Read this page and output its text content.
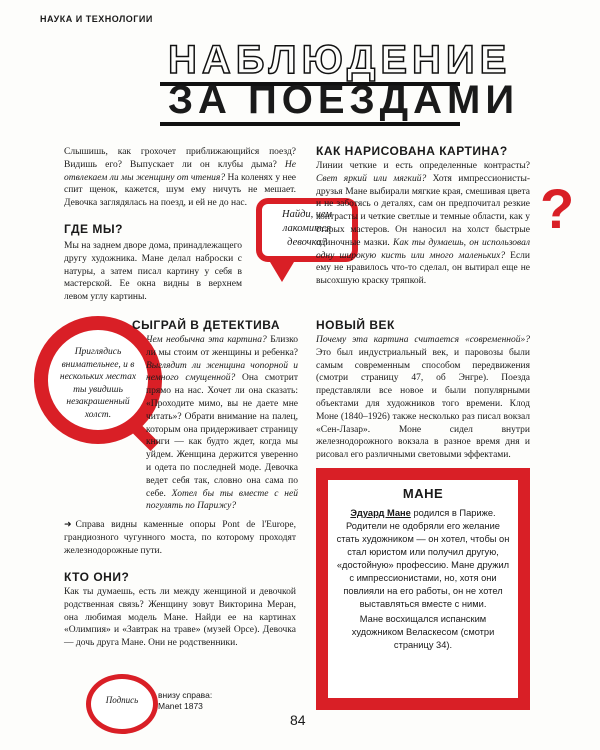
НАУКА И ТЕХНОЛОГИИ
НАБЛЮДЕНИЕ
ЗА ПОЕЗДАМИ
Слышишь, как грохочет приближающийся поезд? Видишь его? Выпускает ли он клубы дыма? Не отвлекаем ли мы женщину от чтения? На коленях у нее спит щенок, кажется, шум ему ничуть не мешает. Девочка заглядялась на поезд, и ей не до нас.
ГДЕ МЫ?
Мы на заднем дворе дома, принадлежащего другу художника. Мане делал наброски с натуры, а затем писал картину у себя в мастерской. Ее окна видны в верхнем левом углу картины.
Найди, чем лакомится девочка?
КАК НАРИСОВАНА КАРТИНА?
Линии четкие и есть определенные контрасты? Свет яркий или мягкий? Хотя импрессионисты-друзья Мане выбирали мягкие края, смешивая цвета и не заботясь о деталях, сам он предпочитал резкие контрасты и четкие светлые и темные области, как у старых мастеров. Он наносил на холст быстрые одиночные мазки. Как ты думаешь, он использовал одну широкую кисть или много маленьких? Если ему не нравилось что-то сделал, он вытирал еще не высохшую краску тряпкой.
?
Приглядись внимательнее, и в нескольких местах ты увидишь незакрашенный холст.
СЫГРАЙ В ДЕТЕКТИВА
Чем необычна эта картина? Близко ли мы стоим от женщины и ребенка? Выглядит ли женщина чопорной и немного смущенной? Она смотрит прямо на нас. Хочет ли она сказать: «Проходите мимо, вы не даете мне читать»? Обрати внимание на палец, которым она придерживает страницу книги — как будто ждет, когда мы уйдем. Женщина держится уверенно и одета по последней моде. Девочка ведет себя так, словно она сама по себе. Хотел бы ты вместе с ней погулять по Парижу?
➜ Справа видны каменные опоры Pont de l'Europe, грандиозного чугунного моста, по которому проходят железнодорожные пути.
НОВЫЙ ВЕК
Почему эта картина считается «современной»? Это был индустриальный век, и паровозы были самым современным способом передвижения (смотри страницу 47, об Энгре). Поезда представляли все новое и были популярными объектами для художников того времени. Клод Моне (1840–1926) также несколько раз писал вокзал «Сен-Лазар». Моне сидел внутри железнодорожного вокзала в разное время дня и рисовал его различными световыми эффектами.
КТО ОНИ?
Как ты думаешь, есть ли между женщиной и девочкой родственная связь? Женщину зовут Викторина Меран, она любимая модель Мане. Найди ее на картинах «Олимпия» и «Завтрак на траве» (музей Орсе). Девочка — дочь друга Мане. Они не родственники.
МАНЕ
Эдуард Мане родился в Париже. Родители не одобряли его желание стать художником — он хотел, чтобы он стал юристом или получил другую, «достойную» профессию. Мане дружил с импрессионистами, но, хотя они повлияли на его работы, он не хотел выставляться вместе с ними.
Мане восхищался испанским художником Веласкесом (смотри страницу 34).
Подпись	внизу справа:
Manet 1873
84
